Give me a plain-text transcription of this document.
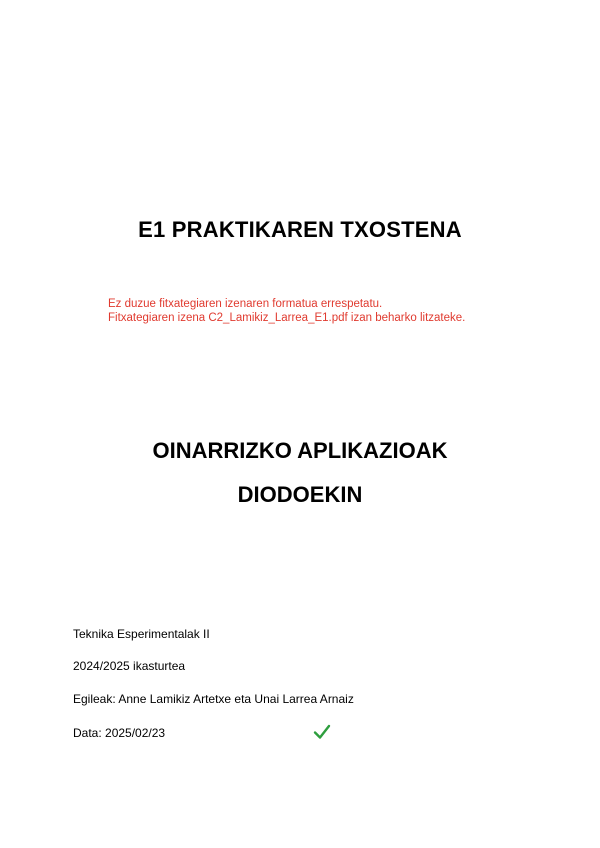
E1 PRAKTIKAREN TXOSTENA
Ez duzue fitxategiaren izenaren formatua errespetatu.
Fitxategiaren izena C2_Lamikiz_Larrea_E1.pdf izan beharko litzateke.
OINARRIZKO APLIKAZIOAK
DIODOEKIN
Teknika Esperimentalak II
2024/2025 ikasturtea
Egileak: Anne Lamikiz Artetxe eta Unai Larrea Arnaiz
Data: 2025/02/23
